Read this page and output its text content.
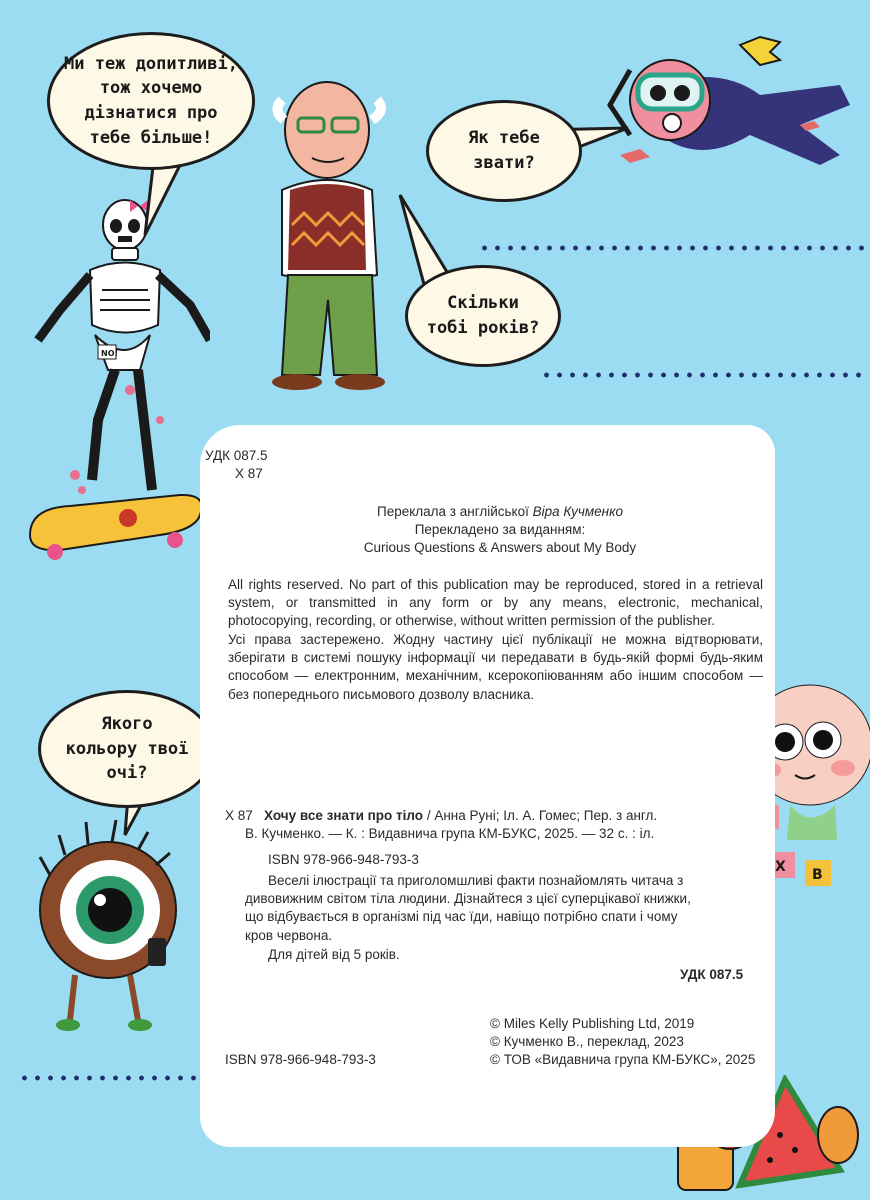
NO!
X B
Ми теж допитливі,
тож хочемо
дізнатися про
тебе більше!	Як тебе
звати?
Скільки
тобі років?
Якого
кольору твої
очі?
УДК 087.5
Х 87
Переклала з англійської Віра Кучменко
Перекладено за виданням:
Curious Questions & Answers about My Body
All rights reserved. No part of this publication may be reproduced, stored in a retrieval system, or transmitted in any form or by any means, electronic, mechanical, photocopying, recording, or otherwise, without written permission of the publisher.
Усі права застережено. Жодну частину цієї публікації не можна відтворювати, зберігати в системі пошуку інформації чи передавати в будь-якій формі будь-яким способом — електронним, механічним, ксерокопіюванням або іншим способом — без попереднього письмового дозволу власника.
Х 87 Хочу все знати про тіло / Анна Руні; Іл. А. Гомес; Пер. з англ.
В. Кучменко. — К. : Видавнича група КМ-БУКС, 2025. — 32 с. : іл.
ISBN 978-966-948-793-3
Веселі ілюстрації та приголомшливі факти познайомлять читача з дивовижним світом тіла людини. Дізнайтеся з цієї суперцікавої книжки, що відбувається в організмі під час їди, навіщо потрібно спати і чому кров червона.
Для дітей від 5 років.
УДК 087.5
© Miles Kelly Publishing Ltd, 2019
© Кучменко В., переклад, 2023
© ТОВ «Видавнича група КМ-БУКС», 2025
ISBN 978-966-948-793-3
